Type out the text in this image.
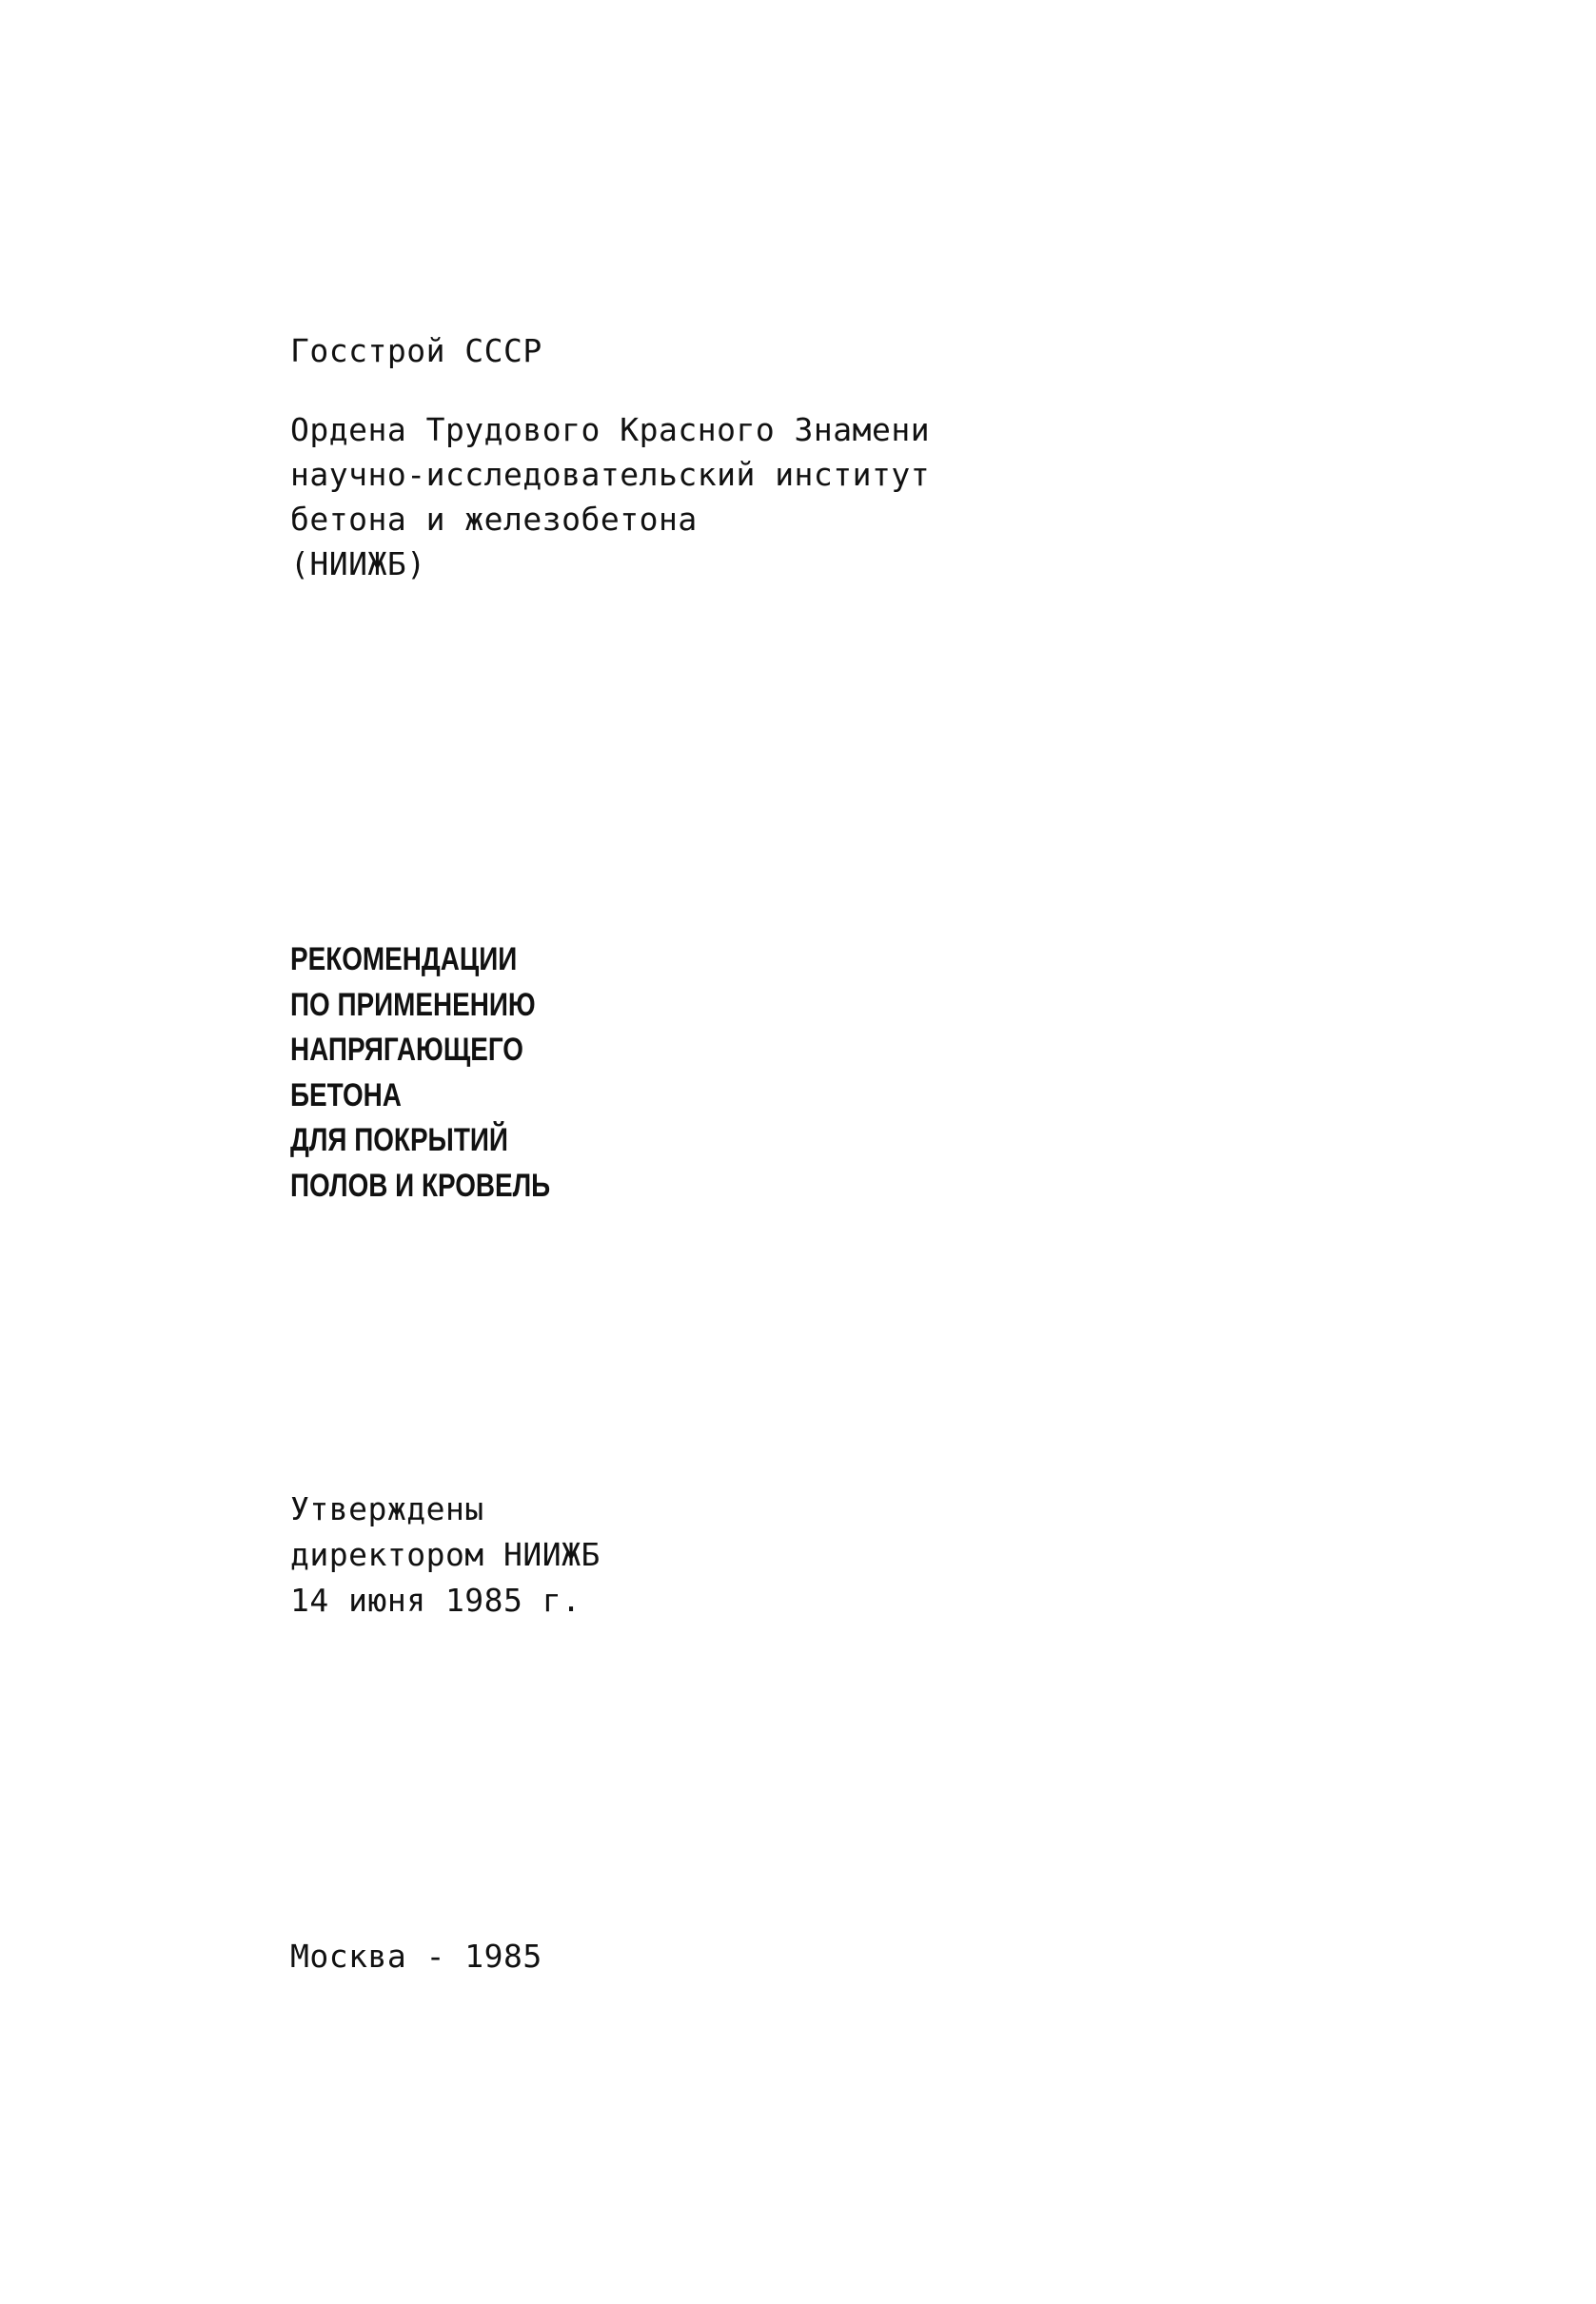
Госстрой СССР
Ордена Трудового Красного Знамени
научно-исследовательский институт
бетона и железобетона
(НИИЖБ)
РЕКОМЕНДАЦИИ
ПО ПРИМЕНЕНИЮ
НАПРЯГАЮЩЕГО
БЕТОНА
ДЛЯ ПОКРЫТИЙ
ПОЛОВ И КРОВЕЛЬ
Утверждены
директором НИИЖБ
14 июня 1985 г.
Москва - 1985
